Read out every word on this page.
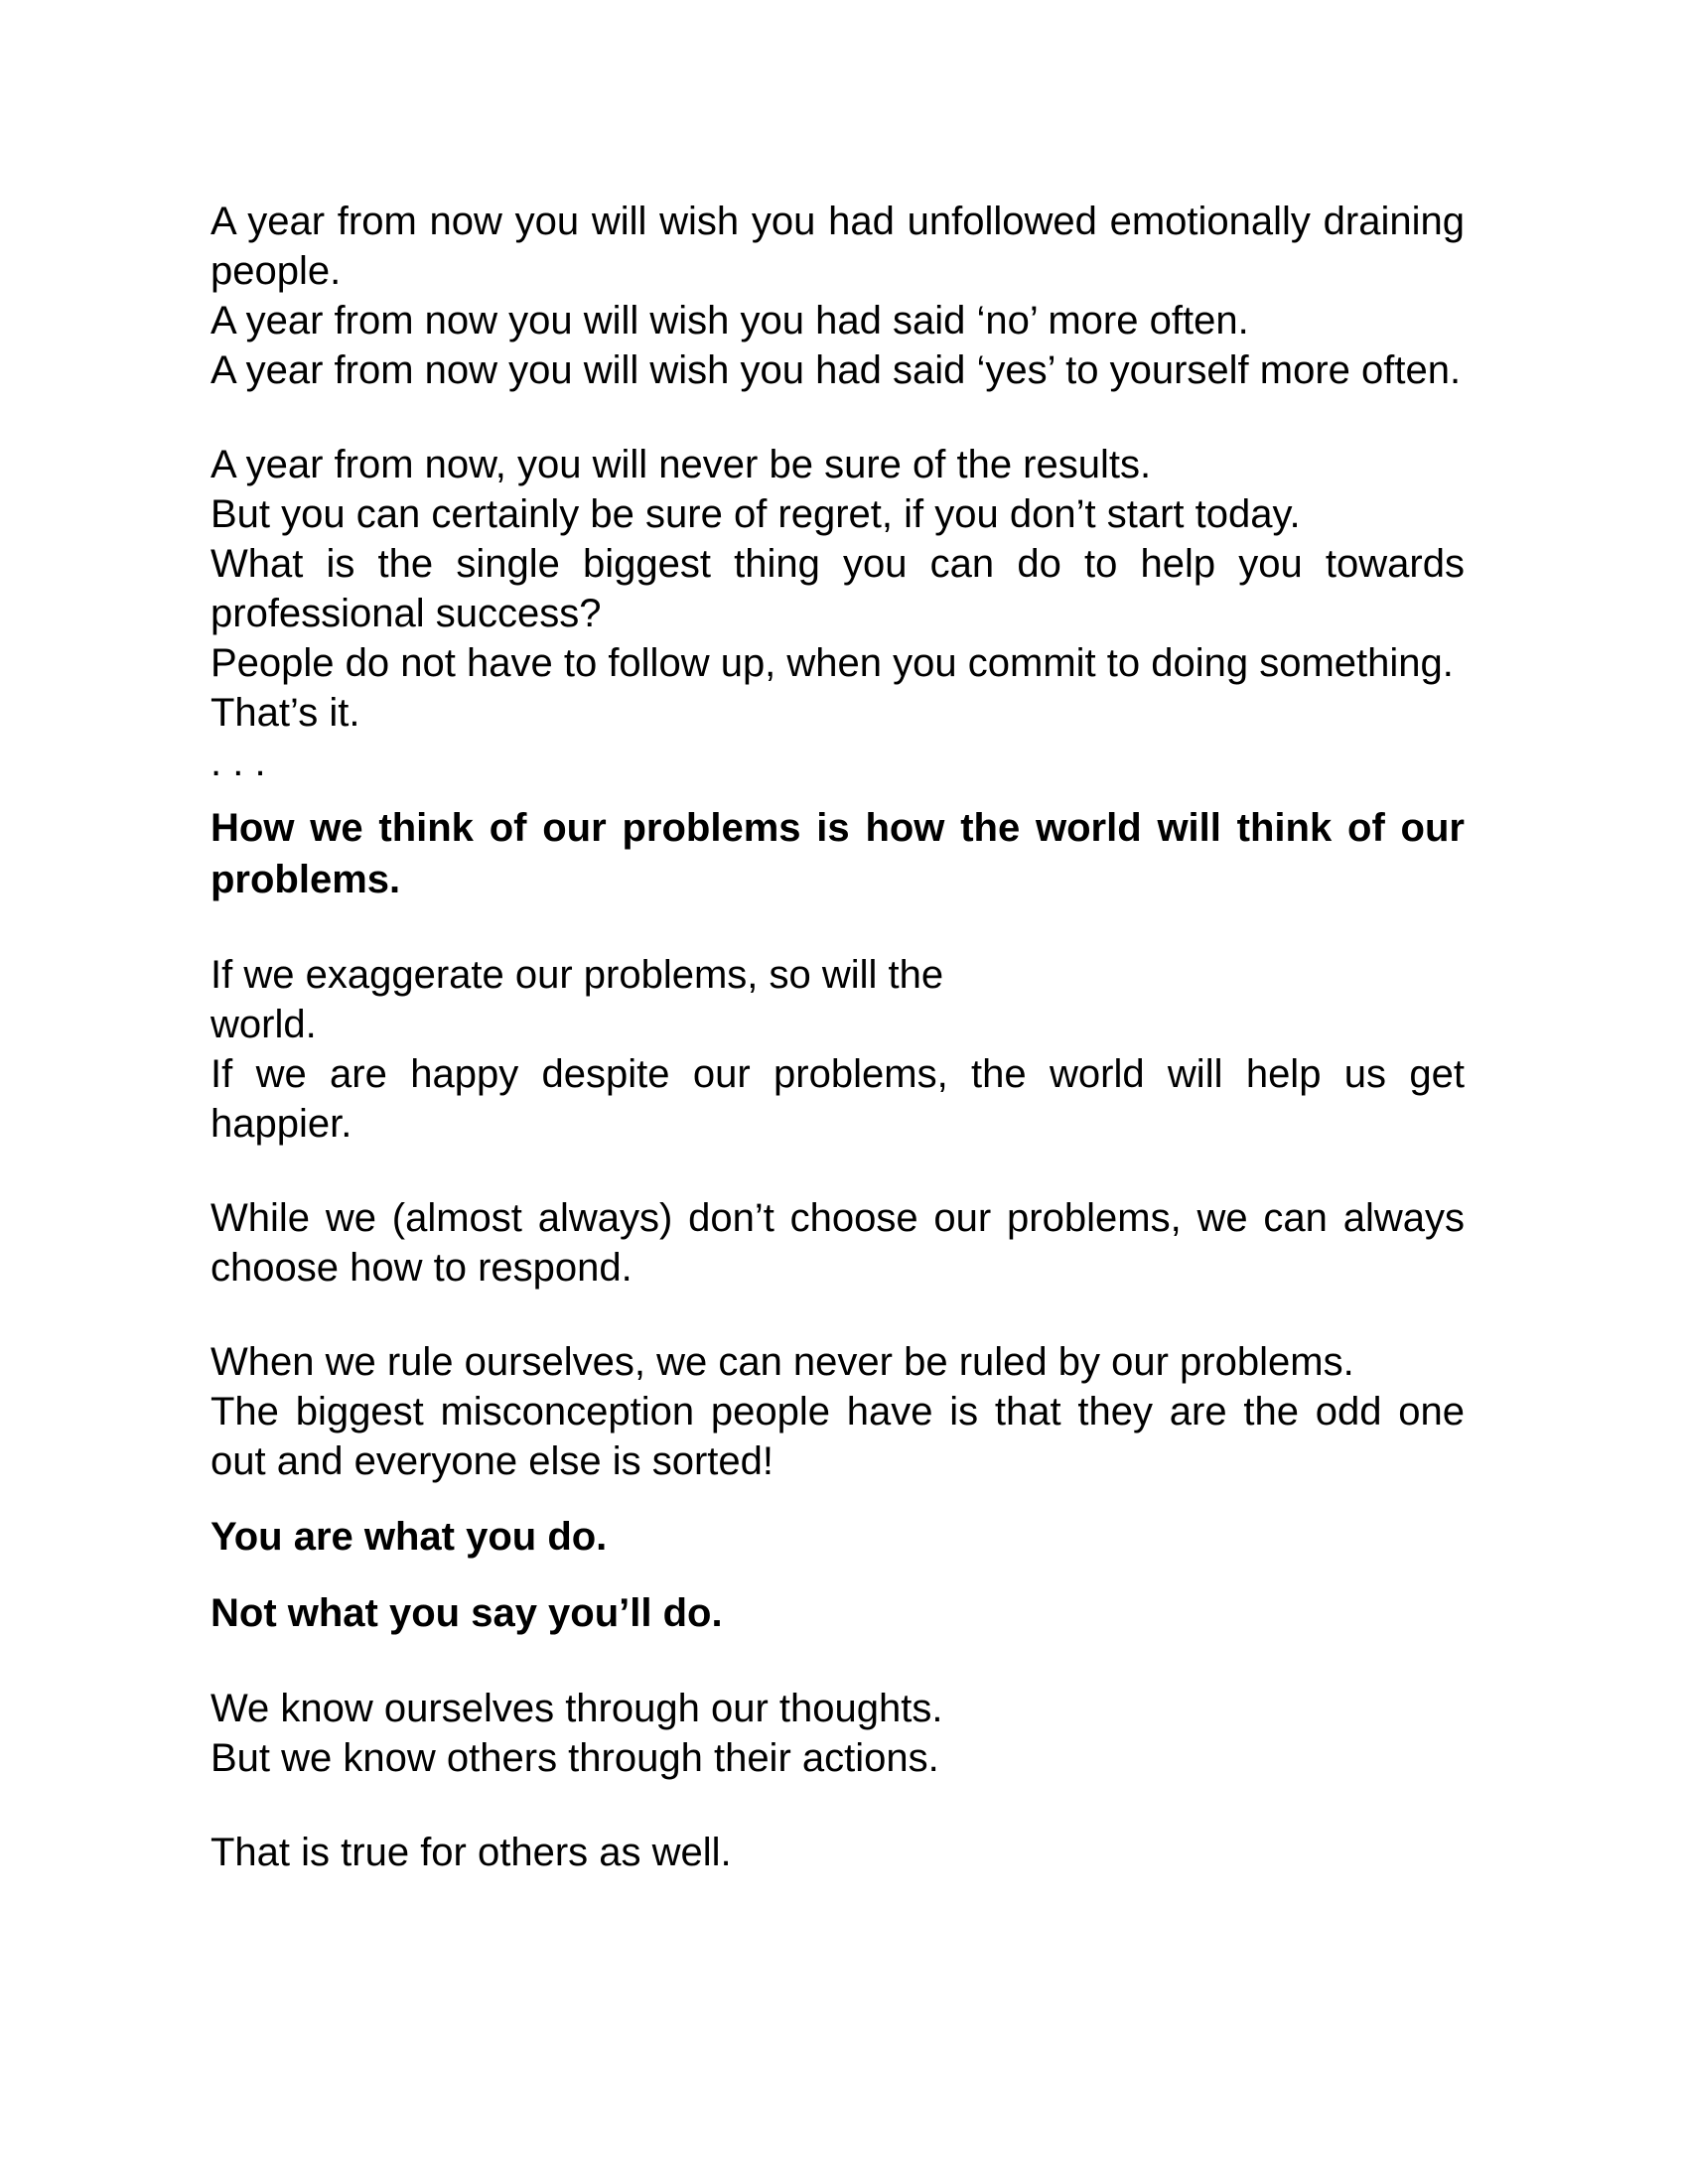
A year from now you will wish you had unfollowed emotionally draining people.

A year from now you will wish you had said ‘no’ more often.

A year from now you will wish you had said ‘yes’ to yourself more often.

A year from now, you will never be sure of the results.

But you can certainly be sure of regret, if you don’t start today.

What is the single biggest thing you can do to help you towards professional success?

People do not have to follow up, when you commit to doing something.

That’s it.

. . .

How we think of our problems is how the world will think of our problems.

If we exaggerate our problems, so will the
world.

If we are happy despite our problems, the world will help us get happier.

While we (almost always) don’t choose our problems, we can always choose how to respond.

When we rule ourselves, we can never be ruled by our problems.

The biggest misconception people have is that they are the odd one out and everyone else is sorted!

You are what you do.

Not what you say you’ll do.

We know ourselves through our thoughts.

But we know others through their actions.

That is true for others as well.
